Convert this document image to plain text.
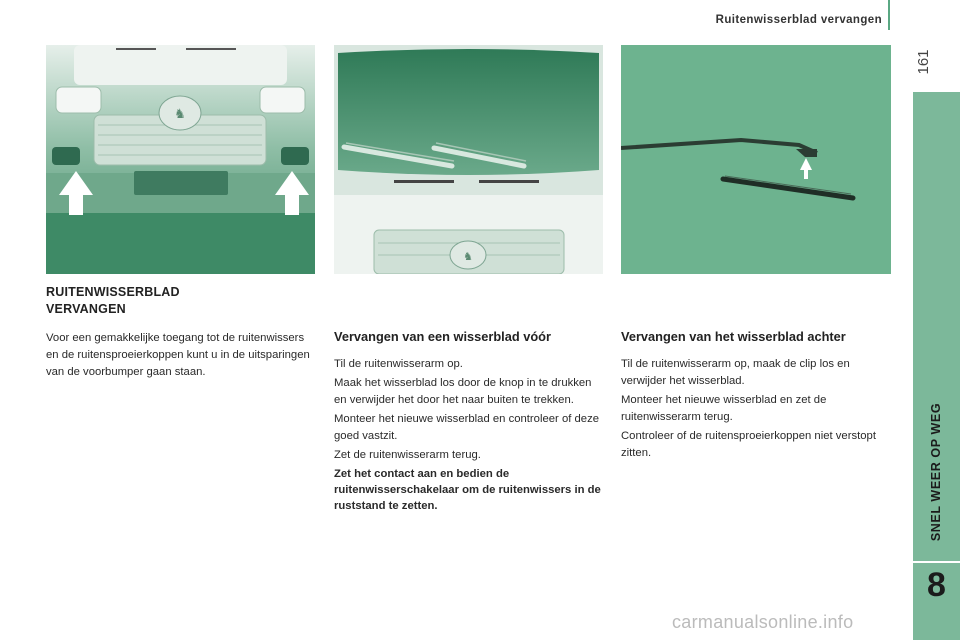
Ruitenwisserblad vervangen
161
SNEL WEER OP WEG
8
♞
♞
RUITENWISSERBLAD
VERVANGEN

Voor een gemakkelijke toegang tot de ruitenwissers en de ruitensproeierkoppen kunt u in de uitsparingen van de voorbumper gaan staan.

Vervangen van een wisserblad vóór

Til de ruitenwisserarm op.

Maak het wisserblad los door de knop in te drukken en verwijder het door het naar buiten te trekken.

Monteer het nieuwe wisserblad en controleer of deze goed vastzit.

Zet de ruitenwisserarm terug.

Zet het contact aan en bedien de ruitenwisserschakelaar om de ruitenwissers in de ruststand te zetten.

Vervangen van het wisserblad achter

Til de ruitenwisserarm op, maak de clip los en verwijder het wisserblad.

Monteer het nieuwe wisserblad en zet de ruitenwisserarm terug.

Controleer of de ruitensproeierkoppen niet verstopt zitten.

carmanualsonline.info
